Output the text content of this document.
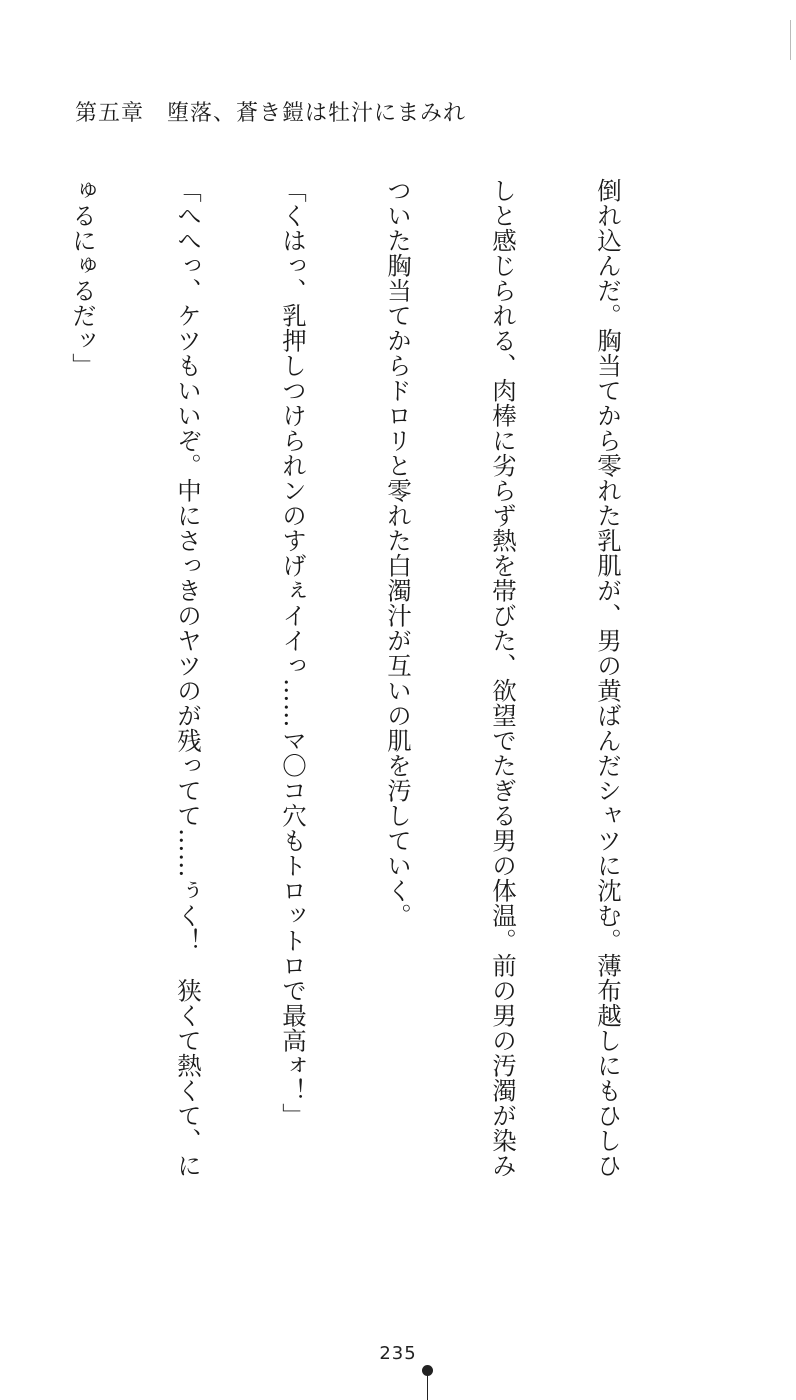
第五章　 堕落、蒼き鎧は牡汁にまみれ

倒れ込んだ。胸当てから零れた乳肌が、男の黄ばんだシャツに沈む。薄布越しにもひしひ

しと感じられる、肉棒に劣らず熱を帯びた、欲望でたぎる男の体温。前の男の汚濁が染み

ついた胸当てからドロリと零れた白濁汁が互いの肌を汚していく。

「くはっ、乳押しつけられンのすげぇイイっ……マ〇コ穴もトロットロで最高ォ！」

「へへっ、ケツもいいぞ。中にさっきのヤツのが残ってて……ぅく！　狭くて熱くて、に

ゅるにゅるだッ」

235
